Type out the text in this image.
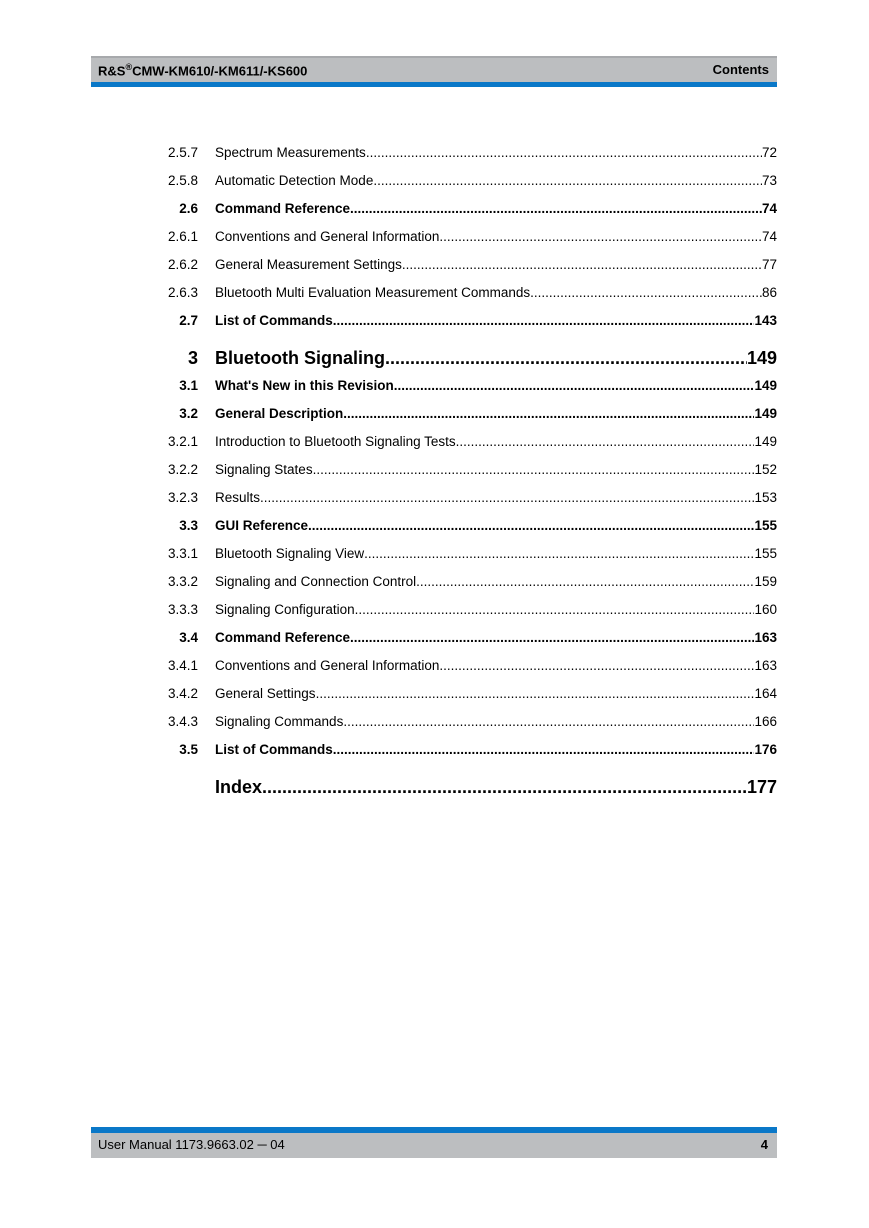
R&S®CMW-KM610/-KM611/-KS600	Contents
2.5.7	Spectrum Measurements .....	72
2.5.8	Automatic Detection Mode .....	73
2.6	Command Reference .....	74
2.6.1	Conventions and General Information .....	74
2.6.2	General Measurement Settings .....	77
2.6.3	Bluetooth Multi Evaluation Measurement Commands .....	86
2.7	List of Commands .....	143
3 Bluetooth Signaling .....	149
3.1	What's New in this Revision .....	149
3.2	General Description .....	149
3.2.1	Introduction to Bluetooth Signaling Tests .....	149
3.2.2	Signaling States .....	152
3.2.3	Results .....	153
3.3	GUI Reference .....	155
3.3.1	Bluetooth Signaling View .....	155
3.3.2	Signaling and Connection Control .....	159
3.3.3	Signaling Configuration .....	160
3.4	Command Reference .....	163
3.4.1	Conventions and General Information .....	163
3.4.2	General Settings .....	164
3.4.3	Signaling Commands .....	166
3.5	List of Commands .....	176
Index .....	177
User Manual 1173.9663.02 ─ 04	4
